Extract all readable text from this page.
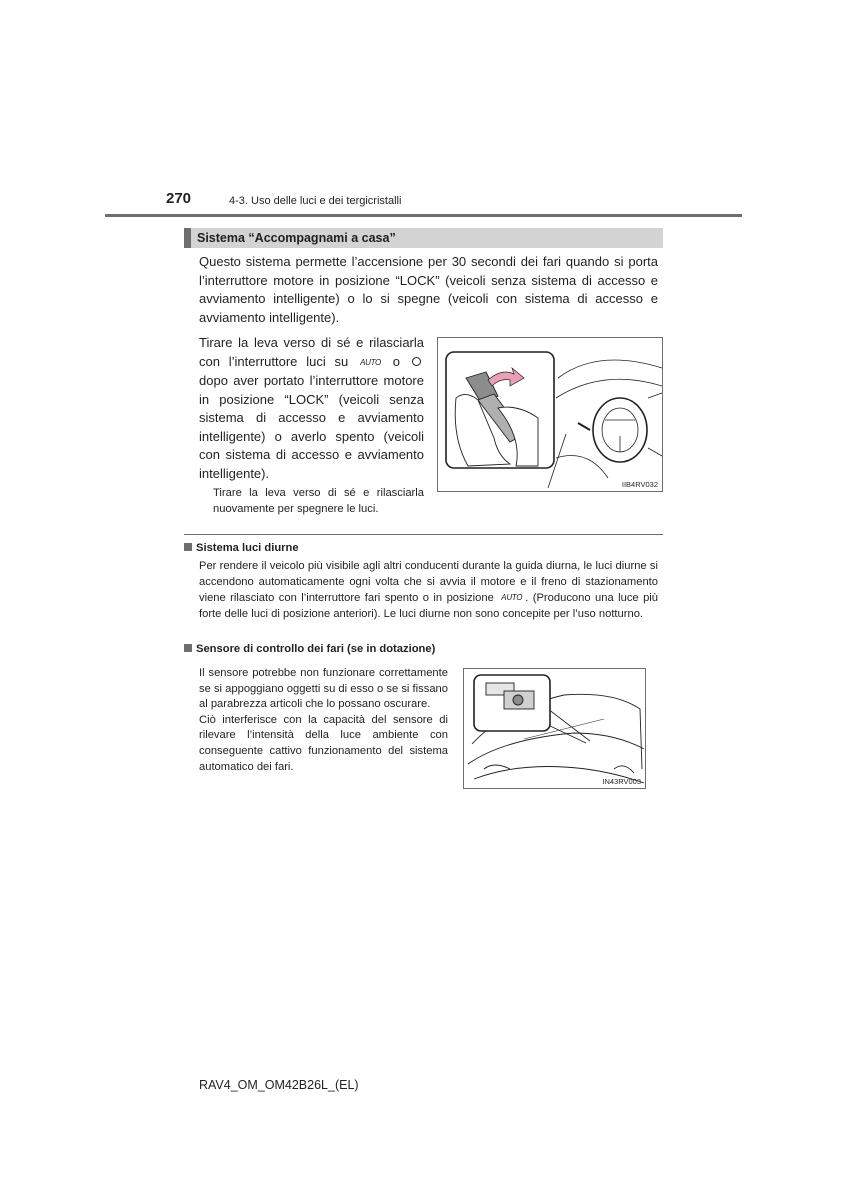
270	4-3. Uso delle luci e dei tergicristalli
Sistema “Accompagnami a casa”
Questo sistema permette l’accensione per 30 secondi dei fari quando si porta l’interruttore motore in posizione “LOCK” (veicoli senza sistema di accesso e avviamento intelligente) o lo si spegne (veicoli con sistema di accesso e avviamento intelligente).
Tirare la leva verso di sé e rilasciarla con l’interruttore luci su AUTO o dopo aver portato l’interruttore motore in posizione “LOCK” (veicoli senza sistema di accesso e avviamento intelligente) o averlo spento (veicoli con sistema di accesso e avviamento intelligente).
Tirare la leva verso di sé e rilasciarla nuovamente per spegnere le luci.
IIB4RV032
Sistema luci diurne
Per rendere il veicolo più visibile agli altri conducenti durante la guida diurna, le luci diurne si accendono automaticamente ogni volta che si avvia il motore e il freno di stazionamento viene rilasciato con l’interruttore fari spento o in posizione AUTO . (Producono una luce più forte delle luci di posizione anteriori). Le luci diurne non sono concepite per l’uso notturno.
Sensore di controllo dei fari (se in dotazione)
Il sensore potrebbe non funzionare correttamente se si appoggiano oggetti su di esso o se si fissano al parabrezza articoli che lo possano oscurare.
Ciò interferisce con la capacità del sensore di rilevare l’intensità della luce ambiente con conseguente cattivo funzionamento del sistema automatico dei fari.
IN43RV003
RAV4_OM_OM42B26L_(EL)
